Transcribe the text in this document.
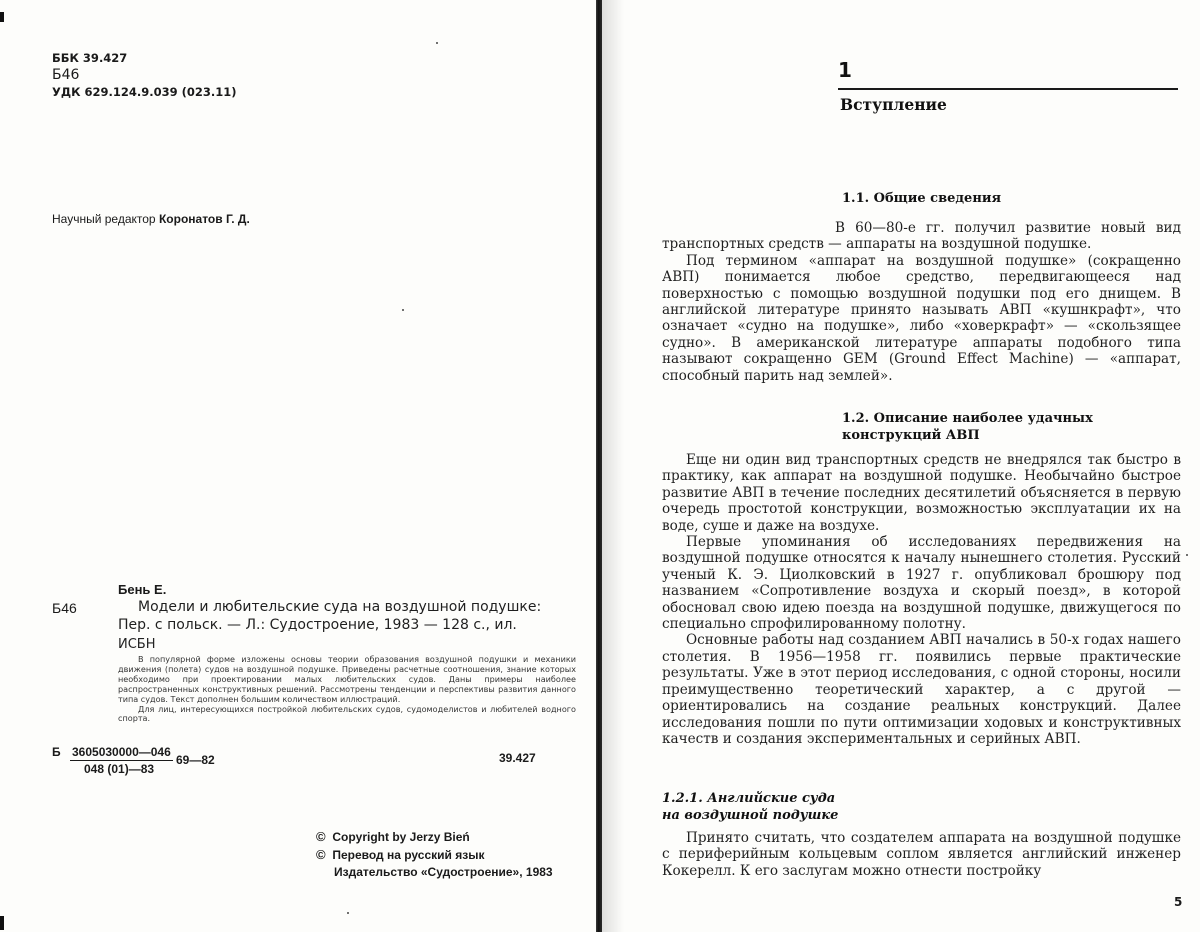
ББК 39.427
Б46
УДК 629.124.9.039 (023.11)
Научный редактор Коронатов Г. Д.
Бень Е.
Б46	Модели и любительские суда на воздушной подушке: Пер. с польск. — Л.: Судостроение, 1983 — 128 с., ил.
ИСБН

В популярной форме изложены основы теории образования воздушной подушки и механики движения (полета) судов на воздушной подушке. Приведены расчетные соотношения, знание которых необходимо при проектировании малых любительских судов. Даны примеры наиболее распространенных конструктивных решений. Рассмотрены тенденции и перспективы развития данного типа судов. Текст дополнен большим количеством иллюстраций.

Для лиц, интересующихся постройкой любительских судов, судомоделистов и любителей водного спорта.

Б 3605030000—046
048 (01)—83
69—82	39.427
© Copyright by Jerzy Bień
© Перевод на русский язык
Издательство «Судостроение», 1983
1
Вступление
1.1. Общие сведения

В 60—80-е гг. получил развитие новый вид транспортных средств — аппараты на воздушной подушке.

Под термином «аппарат на воздушной подушке» (сокращенно АВП) понимается любое средство, передвигающееся над поверхностью с помощью воздушной подушки под его днищем. В английской литературе принято называть АВП «кушнкрафт», что означает «судно на подушке», либо «ховеркрафт» — «скользящее судно». В американской литературе аппараты подобного типа называют сокращенно GEM (Ground Effect Machine) — «аппарат, способный парить над землей».

1.2. Описание наиболее удачных
конструкций АВП

Еще ни один вид транспортных средств не внедрялся так быстро в практику, как аппарат на воздушной подушке. Необычайно быстрое развитие АВП в течение последних десятилетий объясняется в первую очередь простотой конструкции, возможностью эксплуатации их на воде, суше и даже на воздухе.

Первые упоминания об исследованиях передвижения на воздушной подушке относятся к началу нынешнего столетия. Русский ученый К. Э. Циолковский в 1927 г. опубликовал брошюру под названием «Сопротивление воздуха и скорый поезд», в которой обосновал свою идею поезда на воздушной подушке, движущегося по специально спрофилированному полотну.

Основные работы над созданием АВП начались в 50-х годах нашего столетия. В 1956—1958 гг. появились первые практические результаты. Уже в этот период исследования, с одной стороны, носили преимущественно теоретический характер, а с другой — ориентировались на создание реальных конструкций. Далее исследования пошли по пути оптимизации ходовых и конструктивных качеств и создания экспериментальных и серийных АВП.

1.2.1. Английские суда
на воздушной подушке

Принято считать, что создателем аппарата на воздушной подушке с периферийным кольцевым соплом является английский инженер Кокерелл. К его заслугам можно отнести постройку

5
